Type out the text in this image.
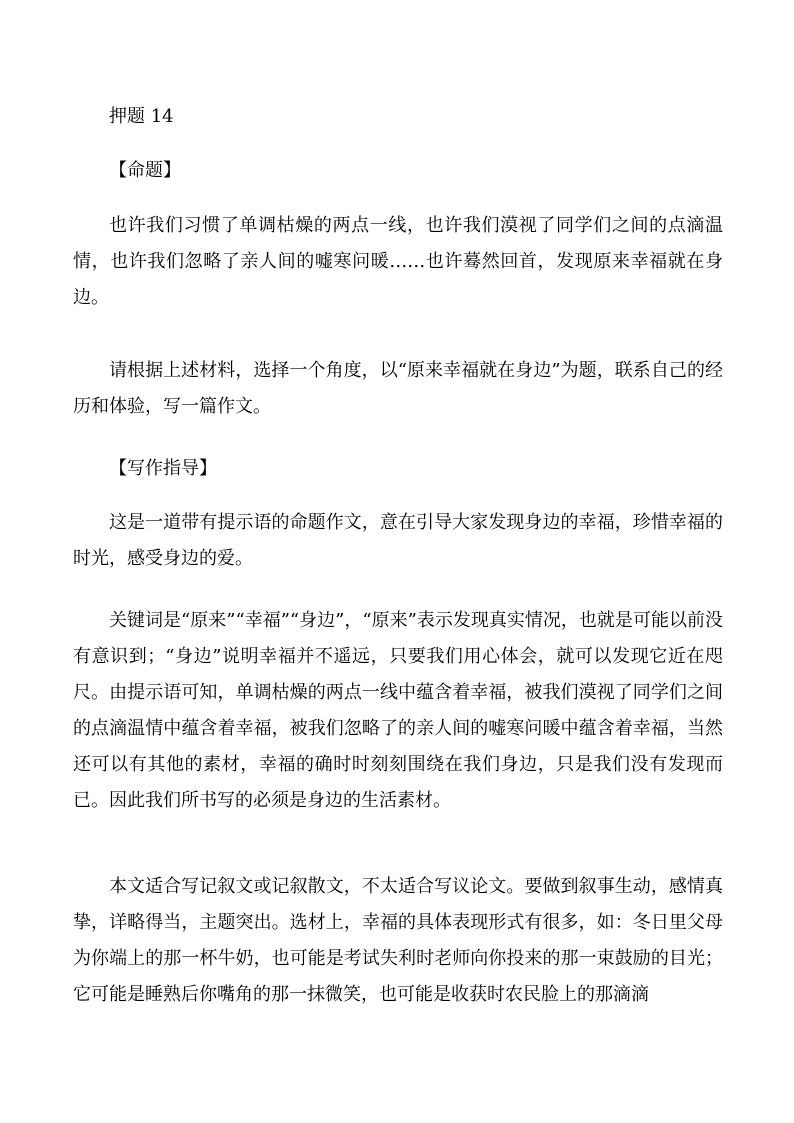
押题 14

【命题】

也许我们习惯了单调枯燥的两点一线，也许我们漠视了同学们之间的点滴温情，也许我们忽略了亲人间的嘘寒问暖……也许蓦然回首，发现原来幸福就在身边。

请根据上述材料，选择一个角度，以“原来幸福就在身边”为题，联系自己的经历和体验，写一篇作文。

【写作指导】

这是一道带有提示语的命题作文，意在引导大家发现身边的幸福，珍惜幸福的时光，感受身边的爱。

关键词是“原来”“幸福”“身边”，“原来”表示发现真实情况，也就是可能以前没有意识到；“身边”说明幸福并不遥远，只要我们用心体会，就可以发现它近在咫尺。由提示语可知，单调枯燥的两点一线中蕴含着幸福，被我们漠视了同学们之间的点滴温情中蕴含着幸福，被我们忽略了的亲人间的嘘寒问暖中蕴含着幸福，当然还可以有其他的素材，幸福的确时时刻刻围绕在我们身边，只是我们没有发现而已。因此我们所书写的必须是身边的生活素材。

本文适合写记叙文或记叙散文，不太适合写议论文。要做到叙事生动，感情真挚，详略得当，主题突出。选材上，幸福的具体表现形式有很多，如：冬日里父母为你端上的那一杯牛奶，也可能是考试失利时老师向你投来的那一束鼓励的目光；它可能是睡熟后你嘴角的那一抹微笑，也可能是收获时农民脸上的那滴滴
